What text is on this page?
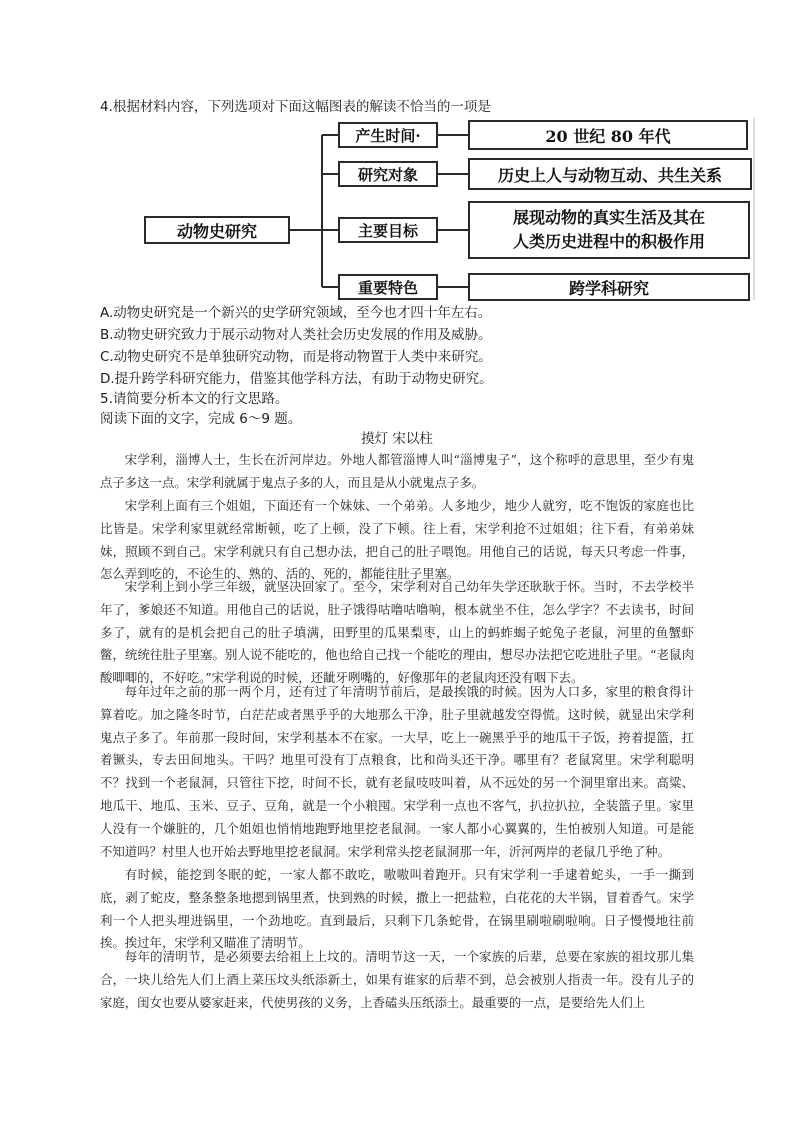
4.根据材料内容，下列选项对下面这幅图表的解读不恰当的一项是
动物史研究
产生时间·	20 世纪 80 年代
研究对象	历史上人与动物互动、共生关系
主要目标
展现动物的真实生活及其在
人类历史进程中的积极作用
重要特色	跨学科研究
A.动物史研究是一个新兴的史学研究领域，至今也才四十年左右。
B.动物史研究致力于展示动物对人类社会历史发展的作用及威胁。
C.动物史研究不是单独研究动物，而是将动物置于人类中来研究。
D.提升跨学科研究能力，借鉴其他学科方法，有助于动物史研究。
5.请简要分析本文的行文思路。
阅读下面的文字，完成 6～9 题。
摸灯 宋以柱

宋学利，淄博人士，生长在沂河岸边。外地人都管淄博人叫“淄博鬼子”，这个称呼的意思里，至少有鬼点子多这一点。宋学利就属于鬼点子多的人，而且是从小就鬼点子多。

宋学利上面有三个姐姐，下面还有一个妹妹、一个弟弟。人多地少，地少人就穷，吃不饱饭的家庭也比比皆是。宋学利家里就经常断顿，吃了上顿，没了下顿。往上看，宋学利抢不过姐姐；往下看，有弟弟妹妹，照顾不到自己。宋学利就只有自己想办法，把自己的肚子喂饱。用他自己的话说，每天只考虑一件事，怎么弄到吃的，不论生的、熟的、活的、死的，都能往肚子里塞。

宋学利上到小学三年级，就坚决回家了。至今，宋学利对自己幼年失学还耿耿于怀。当时，不去学校半年了，爹娘还不知道。用他自己的话说，肚子饿得咕噜咕噜响，根本就坐不住，怎么学字？不去读书，时间多了，就有的是机会把自己的肚子填满，田野里的瓜果梨枣，山上的蚂蚱蝎子蛇兔子老鼠，河里的鱼蟹虾鳖，统统往肚子里塞。别人说不能吃的，他也给自己找一个能吃的理由，想尽办法把它吃进肚子里。“老鼠肉酸唧唧的，不好吃。”宋学利说的时候，还龇牙咧嘴的，好像那年的老鼠肉还没有咽下去。

每年过年之前的那一两个月，还有过了年清明节前后，是最挨饿的时候。因为人口多，家里的粮食得计算着吃。加之隆冬时节，白茫茫或者黑乎乎的大地那么干净，肚子里就越发空得慌。这时候，就显出宋学利鬼点子多了。年前那一段时间，宋学利基本不在家。一大早，吃上一碗黑乎乎的地瓜干子饭，挎着提篮，扛着镢头，专去田间地头。干吗？地里可没有丁点粮食，比和尚头还干净。哪里有？老鼠窝里。宋学利聪明不？找到一个老鼠洞，只管往下挖，时间不长，就有老鼠吱吱叫着，从不远处的另一个洞里窜出来。高粱、地瓜干、地瓜、玉米、豆子、豆角，就是一个小粮囤。宋学利一点也不客气，扒拉扒拉，全装篮子里。家里人没有一个嫌脏的，几个姐姐也悄悄地跑野地里挖老鼠洞。一家人都小心翼翼的，生怕被别人知道。可是能不知道吗？村里人也开始去野地里挖老鼠洞。宋学利常头挖老鼠洞那一年，沂河两岸的老鼠几乎绝了种。

有时候，能挖到冬眠的蛇，一家人都不敢吃，嗷嗷叫着跑开。只有宋学利一手逮着蛇头，一手一撕到底，剥了蛇皮，整条整条地摁到锅里煮，快到熟的时候，撒上一把盐粒，白花花的大半锅，冒着香气。宋学利一个人把头埋进锅里，一个劲地吃。直到最后，只剩下几条蛇骨，在锅里刷啦刷啦响。日子慢慢地往前挨。挨过年，宋学利又瞄准了清明节。

每年的清明节，是必须要去给祖上上坟的。清明节这一天，一个家族的后辈，总要在家族的祖坟那儿集合，一块儿给先人们上酒上菜压坟头纸添新土，如果有谁家的后辈不到，总会被别人指责一年。没有儿子的家庭，闺女也要从婆家赶来，代使男孩的义务，上香磕头压纸添土。最重要的一点，是要给先人们上
